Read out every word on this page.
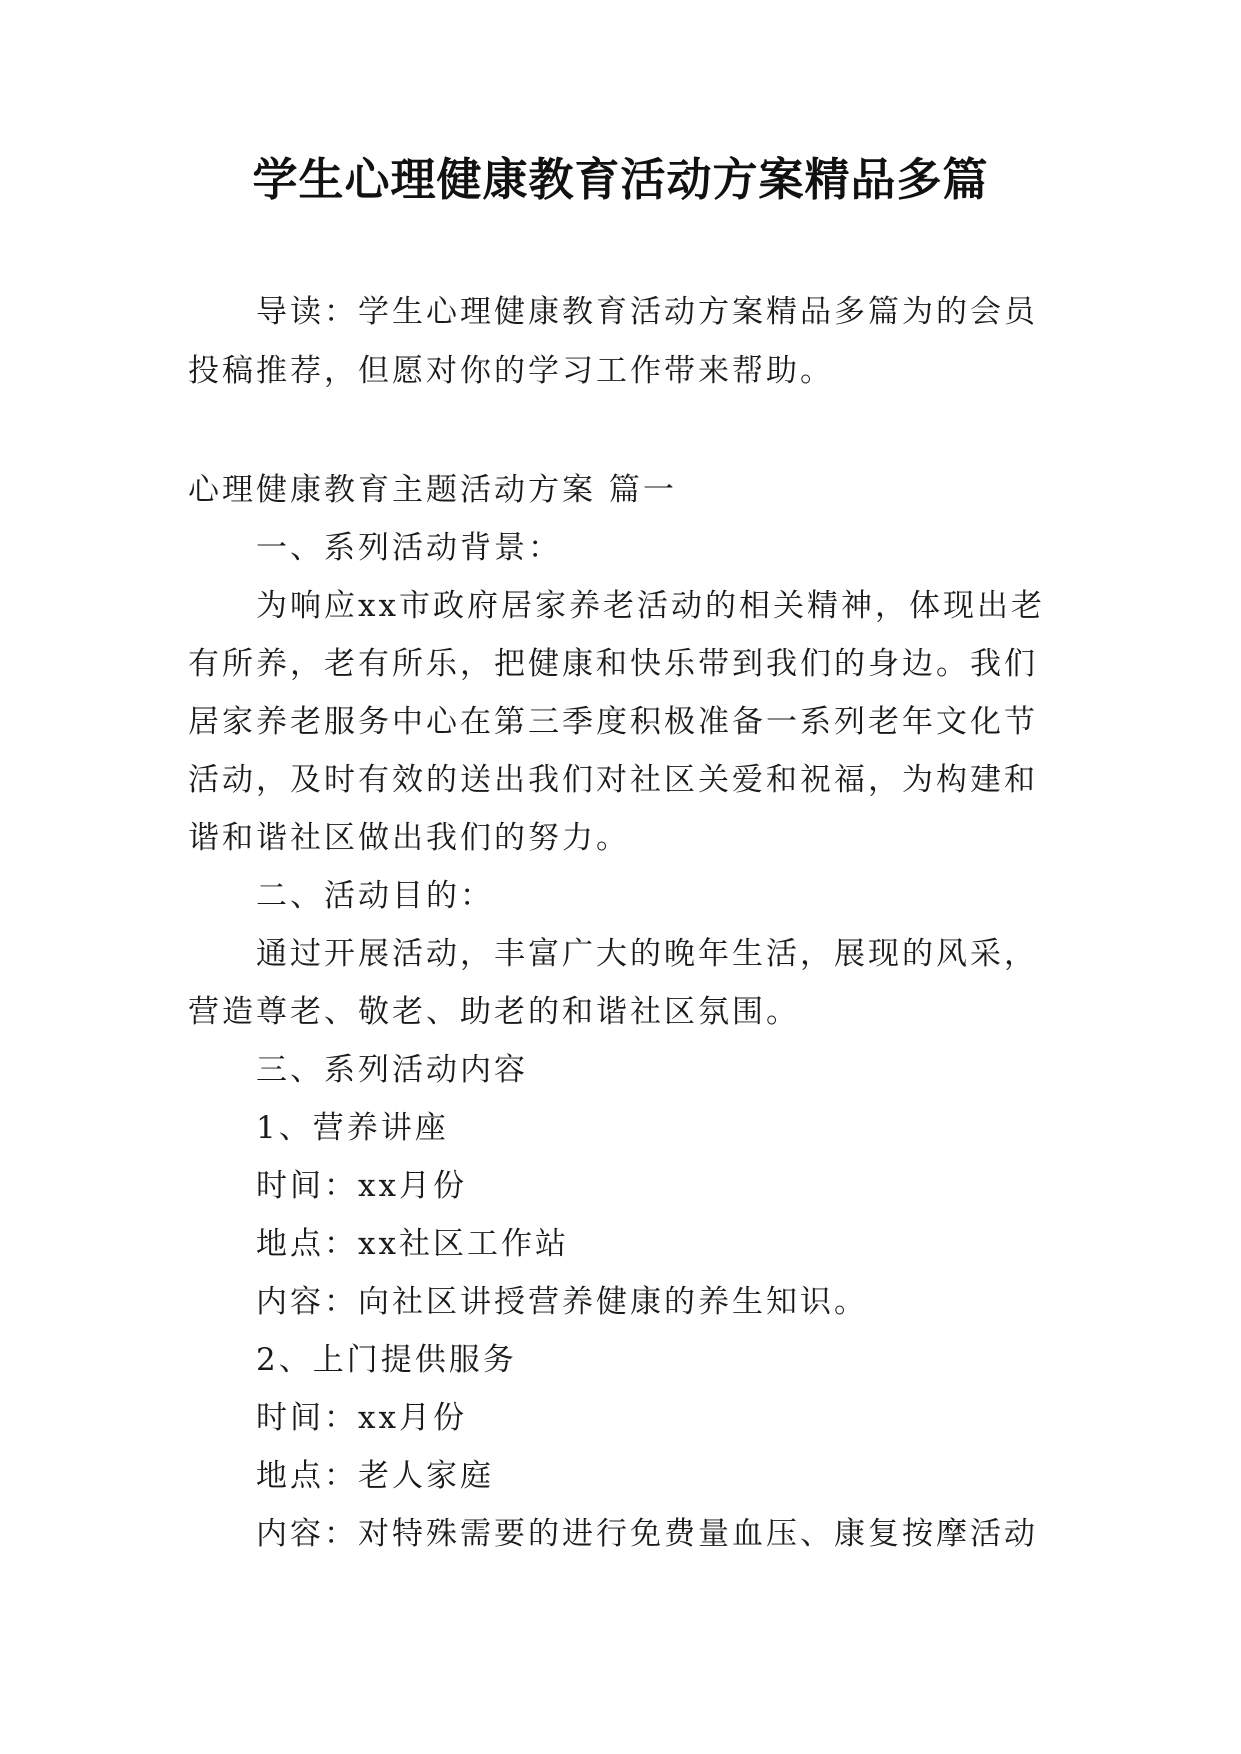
学生心理健康教育活动方案精品多篇
导读：学生心理健康教育活动方案精品多篇为的会员投稿推荐，但愿对你的学习工作带来帮助。

心理健康教育主题活动方案 篇一

一、系列活动背景：

为响应xx市政府居家养老活动的相关精神，体现出老有所养，老有所乐，把健康和快乐带到我们的身边。我们居家养老服务中心在第三季度积极准备一系列老年文化节活动，及时有效的送出我们对社区关爱和祝福，为构建和谐和谐社区做出我们的努力。

二、活动目的：

通过开展活动，丰富广大的晚年生活，展现的风采，营造尊老、敬老、助老的和谐社区氛围。

三、系列活动内容

1、营养讲座

时间：xx月份

地点：xx社区工作站

内容：向社区讲授营养健康的养生知识。

2、上门提供服务

时间：xx月份

地点：老人家庭

内容：对特殊需要的进行免费量血压、康复按摩活动
